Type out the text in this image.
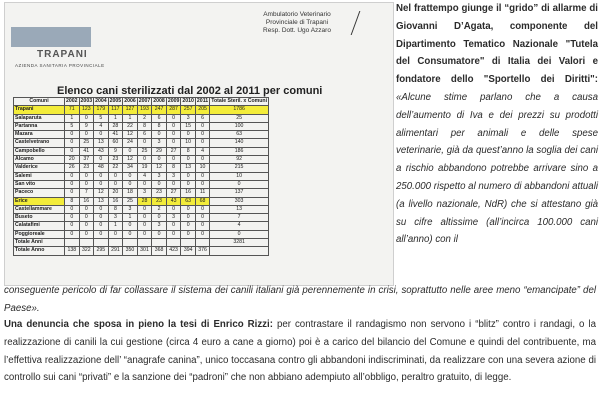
TRAPANI
AZIENDA SANITARIA PROVINCIALE
Ambulatorio Veterinario
Provinciale di Trapani
Resp. Dott. Ugo Azzaro
Elenco cani sterilizzati dal 2002 al 2011 per comuni
Comuni	2002	2003	2004	2005	2006	2007	2008	2009	2010	2011	Totale Steril. x Comuni
Trapani	71	123	179	117	127	193	247	287	257	205	1786
Salaparuta	1	0	5	1	1	2	6	0	3	6	25
Partanna	5	9	4	28	22	8	8	0	15	0	100
Mazara	0	0	0	41	12	6	0	0	0	0	63
Castelvetrano	0	25	13	60	24	0	3	0	10	0	140
Campobello	0	41	43	9	0	25	29	27	8	4	186
Alcamo	20	37	0	23	12	0	0	0	0	0	92
Valderice	26	23	48	22	34	19	12	8	13	10	215
Salemi	0	0	0	0	0	4	3	3	0	0	10
San vito	0	0	0	0	0	0	0	0	0	0	0
Paceco	0	7	12	20	18	3	23	27	16	11	137
Erice	8	16	13	16	25	28	23	43	63	68	303
Castellammare	0	0	0	8	3	0	2	0	0	0	13
Buseto	0	0	0	3	1	0	0	3	0	0	7
Calatafimi	0	0	0	1	0	0	3	0	0	0	4
Poggioreale	0	0	0	0	0	0	0	0	0	0	0
Totale Anni											3281
Totale Anno	138	322	295	291	350	301	368	423	394	376	
Nel frattempo giunge il “grido” di allarme di Giovanni D’Agata, componente del Dipartimento Tematico Nazionale "Tutela del Consumatore" di Italia dei Valori e fondatore dello "Sportello dei Diritti": «Alcune stime parlano che a causa dell’aumento di Iva e dei prezzi su prodotti alimentari per animali e delle spese veterinarie, già da quest’anno la soglia dei cani a rischio abbandono potrebbe arrivare sino a 250.000 rispetto al numero di abbandoni attuali (a livello nazionale, NdR) che si attestano già su cifre altissime (all’incirca 100.000 cani all’anno) con il
conseguente pericolo di far collassare il sistema dei canili italiani già perennemente in crisi, soprattutto nelle aree meno “emancipate” del Paese».
Una denuncia che sposa in pieno la tesi di Enrico Rizzi: per contrastare il randagismo non servono i “blitz” contro i randagi, o la realizzazione di canili la cui gestione (circa 4 euro a cane a giorno) poi è a carico del bilancio del Comune e quindi del contribuente, ma l’effettiva realizzazione dell’ “anagrafe canina”, unico toccasana contro gli abbandoni indiscriminati, da realizzare con una severa azione di controllo sui cani “privati” e la sanzione dei “padroni” che non abbiano adempiuto all’obbligo, peraltro gratuito, di legge.
